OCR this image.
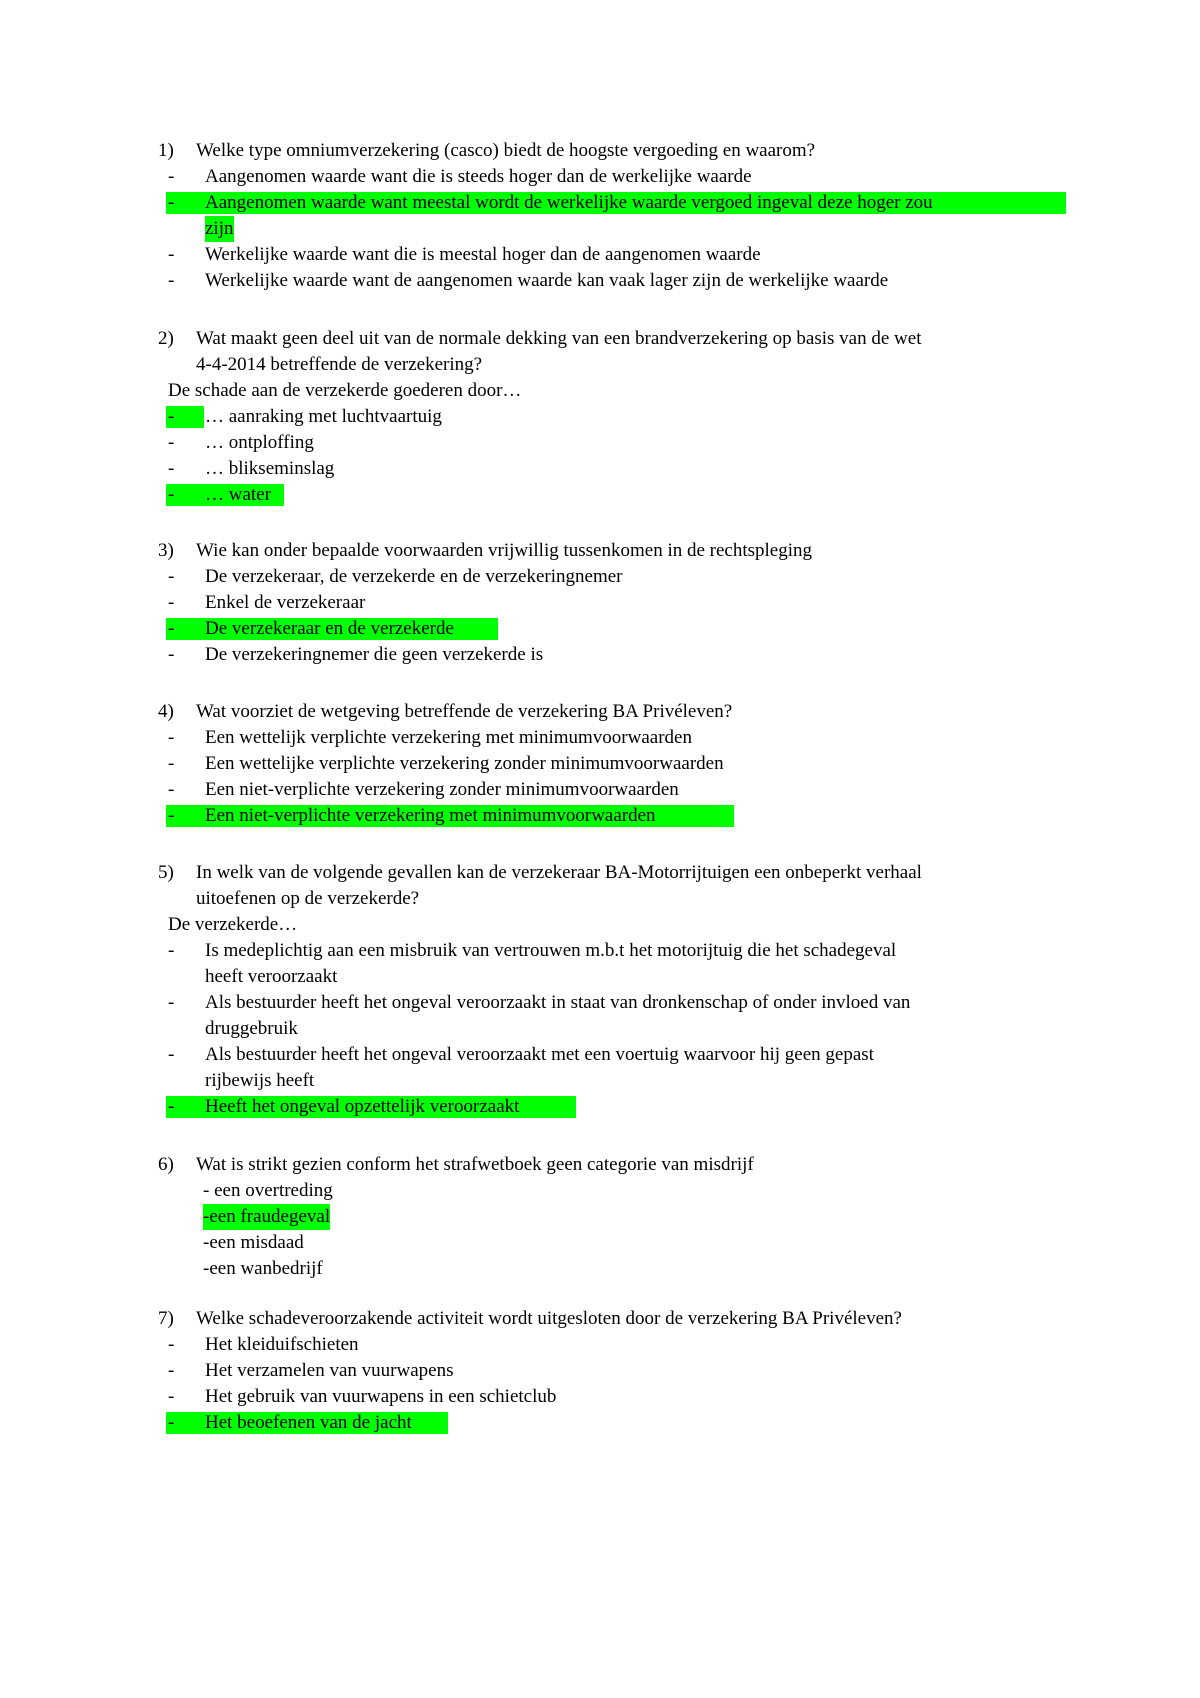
1) Welke type omniumverzekering (casco) biedt de hoogste vergoeding en waarom?
- Aangenomen waarde want die is steeds hoger dan de werkelijke waarde
- Aangenomen waarde want meestal wordt de werkelijke waarde vergoed ingeval deze hoger zou
zijn
- Werkelijke waarde want die is meestal hoger dan de aangenomen waarde
- Werkelijke waarde want de aangenomen waarde kan vaak lager zijn de werkelijke waarde
2) Wat maakt geen deel uit van de normale dekking van een brandverzekering op basis van de wet
4-4-2014 betreffende de verzekering?
De schade aan de verzekerde goederen door…
- … aanraking met luchtvaartuig
- … ontploffing
- … blikseminslag
- … water
3) Wie kan onder bepaalde voorwaarden vrijwillig tussenkomen in de rechtspleging
- De verzekeraar, de verzekerde en de verzekeringnemer
- Enkel de verzekeraar
- De verzekeraar en de verzekerde
- De verzekeringnemer die geen verzekerde is
4) Wat voorziet de wetgeving betreffende de verzekering BA Privéleven?
- Een wettelijk verplichte verzekering met minimumvoorwaarden
- Een wettelijke verplichte verzekering zonder minimumvoorwaarden
- Een niet-verplichte verzekering zonder minimumvoorwaarden
- Een niet-verplichte verzekering met minimumvoorwaarden
5) In welk van de volgende gevallen kan de verzekeraar BA-Motorrijtuigen een onbeperkt verhaal
uitoefenen op de verzekerde?
De verzekerde…
- Is medeplichtig aan een misbruik van vertrouwen m.b.t het motorijtuig die het schadegeval
heeft veroorzaakt
- Als bestuurder heeft het ongeval veroorzaakt in staat van dronkenschap of onder invloed van
druggebruik
- Als bestuurder heeft het ongeval veroorzaakt met een voertuig waarvoor hij geen gepast
rijbewijs heeft
- Heeft het ongeval opzettelijk veroorzaakt
6) Wat is strikt gezien conform het strafwetboek geen categorie van misdrijf
- een overtreding
-een fraudegeval
-een misdaad
-een wanbedrijf
7) Welke schadeveroorzakende activiteit wordt uitgesloten door de verzekering BA Privéleven?
- Het kleiduifschieten
- Het verzamelen van vuurwapens
- Het gebruik van vuurwapens in een schietclub
- Het beoefenen van de jacht
